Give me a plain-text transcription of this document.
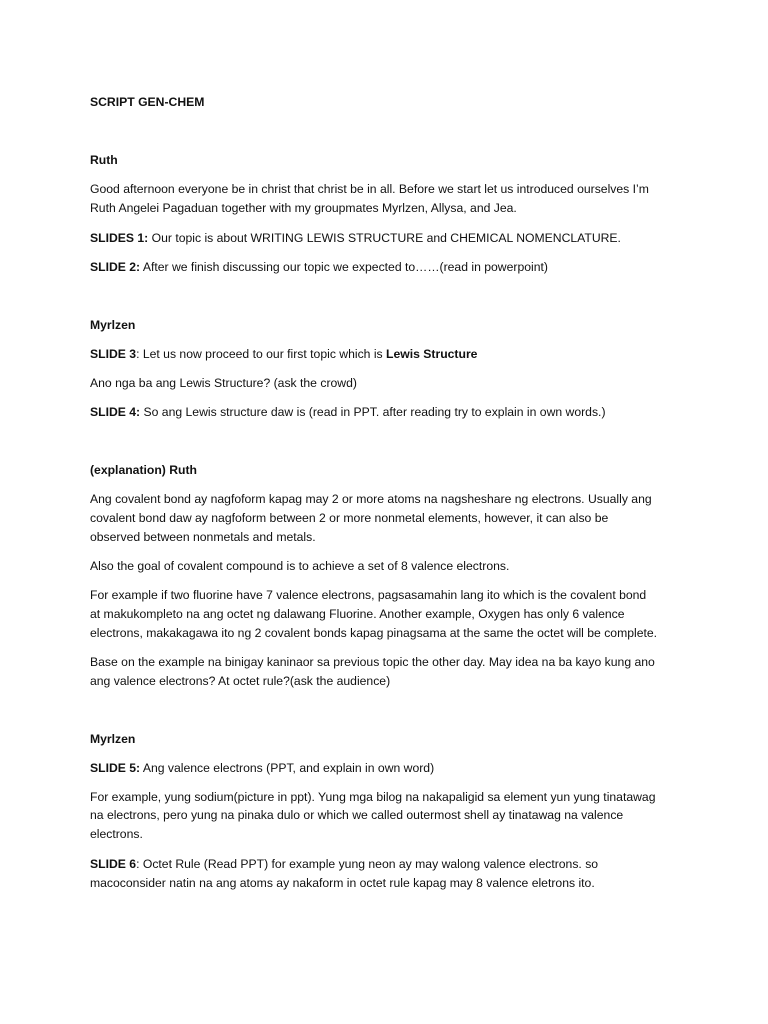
SCRIPT GEN-CHEM
Ruth
Good afternoon everyone be in christ that christ be in all. Before we start let us introduced ourselves I’m
Ruth Angelei Pagaduan together with my groupmates Myrlzen, Allysa, and Jea.
SLIDES 1: Our topic is about WRITING LEWIS STRUCTURE and CHEMICAL NOMENCLATURE.
SLIDE 2: After we finish discussing our topic we expected to……(read in powerpoint)
Myrlzen
SLIDE 3: Let us now proceed to our first topic which is Lewis Structure
Ano nga ba ang Lewis Structure? (ask the crowd)
SLIDE 4: So ang Lewis structure daw is (read in PPT. after reading try to explain in own words.)
(explanation) Ruth
Ang covalent bond ay nagfoform kapag may 2 or more atoms na nagsheshare ng electrons. Usually ang
covalent bond daw ay nagfoform between 2 or more nonmetal elements, however, it can also be
observed between nonmetals and metals.
Also the goal of covalent compound is to achieve a set of 8 valence electrons.
For example if two fluorine have 7 valence electrons, pagsasamahin lang ito which is the covalent bond
at makukompleto na ang octet ng dalawang Fluorine. Another example, Oxygen has only 6 valence
electrons, makakagawa ito ng 2 covalent bonds kapag pinagsama at the same the octet will be complete.
Base on the example na binigay kaninaor sa previous topic the other day. May idea na ba kayo kung ano
ang valence electrons? At octet rule?(ask the audience)
Myrlzen
SLIDE 5: Ang valence electrons (PPT, and explain in own word)
For example, yung sodium(picture in ppt). Yung mga bilog na nakapaligid sa element yun yung tinatawag
na electrons, pero yung na pinaka dulo or which we called outermost shell ay tinatawag na valence
electrons.
SLIDE 6: Octet Rule (Read PPT) for example yung neon ay may walong valence electrons. so
macoconsider natin na ang atoms ay nakaform in octet rule kapag may 8 valence eletrons ito.
